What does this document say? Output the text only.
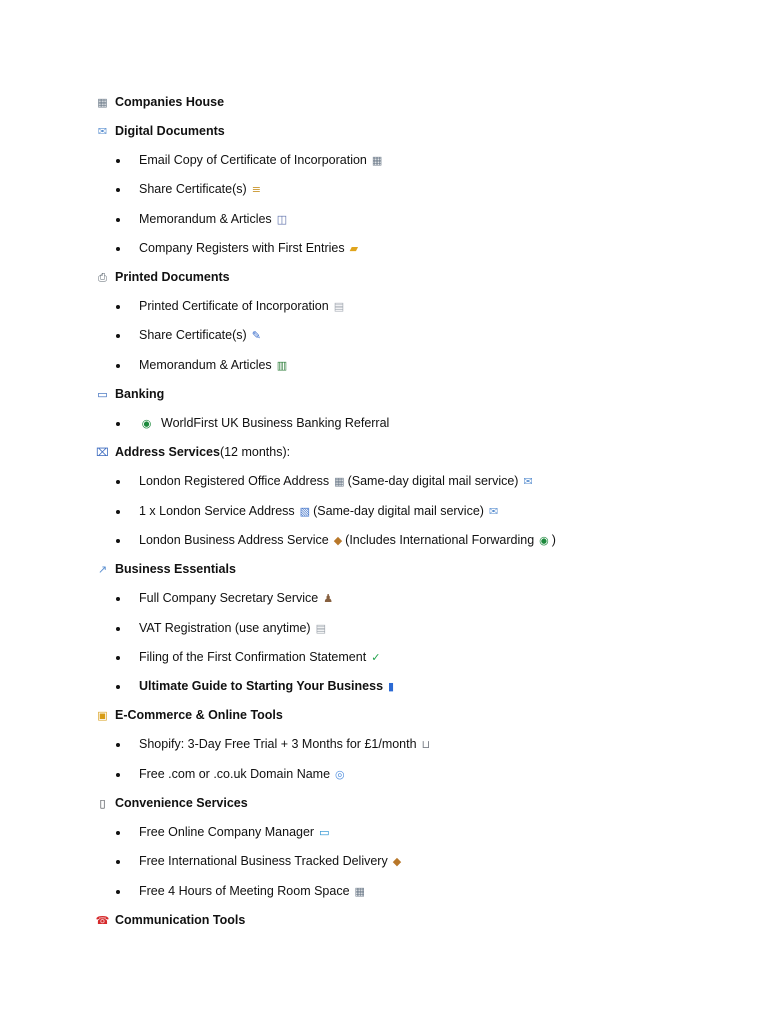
▦ Companies House
✉ Digital Documents
Email Copy of Certificate of Incorporation ▦
Share Certificate(s) ≡
Memorandum & Articles ◫
Company Registers with First Entries ▰
⎙ Printed Documents
Printed Certificate of Incorporation ▤
Share Certificate(s) ✎
Memorandum & Articles ▥
▭ Banking
◉ WorldFirst UK Business Banking Referral
⌧ Address Services (12 months):
London Registered Office Address ▦ (Same-day digital mail service) ✉
1 x London Service Address ▧ (Same-day digital mail service) ✉
London Business Address Service ◆ (Includes International Forwarding ◉ )
↗ Business Essentials
Full Company Secretary Service ♟
VAT Registration (use anytime) ▤
Filing of the First Confirmation Statement ✓
Ultimate Guide to Starting Your Business ▮
▣ E-Commerce & Online Tools
Shopify: 3-Day Free Trial + 3 Months for £1/month ⊔
Free .com or .co.uk Domain Name ◎
▯ Convenience Services
Free Online Company Manager ▭
Free International Business Tracked Delivery ◆
Free 4 Hours of Meeting Room Space ▦
☎ Communication Tools
